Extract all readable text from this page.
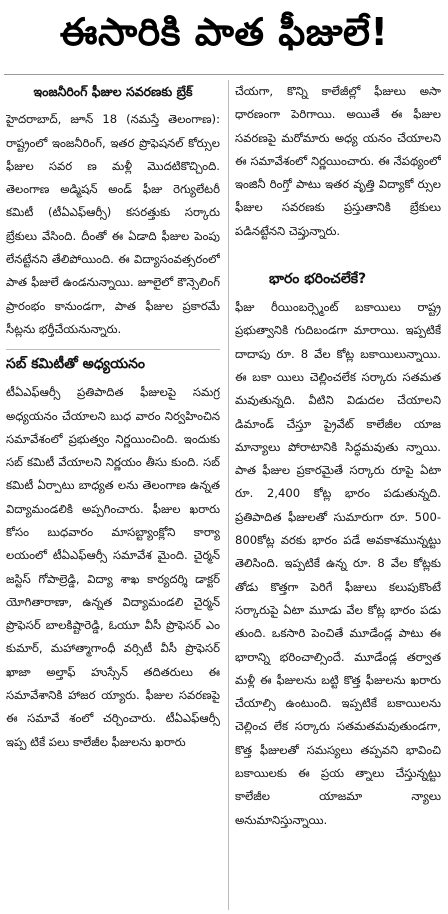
ఈసారికి పాత ఫీజులే!
ఇంజనీరింగ్ ఫీజుల సవరణకు బ్రేక్

హైదరాబాద్, జూన్ 18 (నమస్తే తెలంగాణ): రాష్ట్రంలో ఇంజనీరింగ్, ఇతర ప్రొఫెషనల్ కోర్సుల ఫీజుల సవర ణ మళ్లీ మొదటికొచ్చింది. తెలంగాణ అడ్మిషన్ అండ్ ఫీజు రెగ్యులేటరీ కమిటీ (టీఏఎఫ్ఆర్సీ) కసరత్తుకు సర్కారు బ్రేకులు వేసింది. దీంతో ఈ ఏడాది ఫీజుల పెంపు లేనట్టేనని తేలిపోయింది. ఈ విద్యాసంవత్సరంలో పాత ఫీజులే ఉండనున్నాయి. జూలైలో కౌన్సెలింగ్ ప్రారంభం కానుండగా, పాత ఫీజుల ప్రకారమే సీట్లను భర్తీచేయనున్నారు.

సబ్ కమిటీతో అధ్యయనం

టీఏఎఫ్ఆర్సీ ప్రతిపాదిత ఫీజులపై సమగ్ర అధ్యయనం చేయాలని బుధ వారం నిర్వహించిన సమావేశంలో ప్రభుత్వం నిర్ణయించింది. ఇందుకు సబ్ కమిటీ వేయాలని నిర్ణయం తీసు కుంది. సబ్ కమిటీ ఏర్పాటు బాధ్యత లను తెలంగాణ ఉన్నత విద్యామండలికి అప్పగించారు. ఫీజుల ఖరారు కోసం బుధవారం మాసబ్ట్యాంక్లోని కార్యా లయంలో టీఏఎఫ్ఆర్సీ సమావేశ మైంది. చైర్మన్ జస్టిస్ గోపాల్రెడ్డి, విద్యా శాఖ కార్యదర్శి డాక్టర్ యోగితారాణా, ఉన్నత విద్యామండలి చైర్మన్ ప్రొఫెసర్ బాలకిష్టారెడ్డి, ఓయూ వీసీ ప్రొఫెసర్ ఎం కుమార్, మహాత్మాగాంధీ వర్సిటీ వీసీ ప్రొఫెసర్ ఖాజా అల్తాఫ్ హుస్సేన్ తదితరులు ఈ సమావేశానికి హాజర య్యారు. ఫీజుల సవరణపై ఈ సమావే శంలో చర్చించారు. టీఏఎఫ్ఆర్సీ ఇప్ప టికే పలు కాలేజీల ఫీజులను ఖరారు

చేయగా, కొన్ని కాలేజీల్లో ఫీజులు అసా ధారణంగా పెరిగాయి. అయితే ఈ ఫీజుల సవరణపై మరోమారు అధ్య యనం చేయాలని ఈ సమావేశంలో నిర్ణయించారు. ఈ నేపథ్యంలో ఇంజినీ రింగ్తో పాటు ఇతర వృత్తి విద్యాకో ర్సుల ఫీజుల సవరణకు ప్రస్తుతానికి బ్రేకులు పడినట్టేనని చెప్తున్నారు.

భారం భరించలేకే?

ఫీజు రీయింబర్స్మెంట్ బకాయిలు రాష్ట్ర ప్రభుత్వానికి గుదిబండగా మారాయి. ఇప్పటికే దాదాపు రూ. 8 వేల కోట్ల బకాయిలున్నాయి. ఈ బకా యిలు చెల్లించలేక సర్కారు సతమత మవుతున్నది. వీటిని విడుదల చేయాలని డిమాండ్ చేస్తూ ప్రైవేట్ కాలేజీల యాజ మాన్యాలు పోరాటానికి సిద్ధమవుతు న్నాయి. పాత ఫీజుల ప్రకారమైతే సర్కారు రూపై ఏటా రూ. 2,400 కోట్ల భారం పడుతున్నది. ప్రతిపాదిత ఫీజులతో సుమారుగా రూ. 500-800కోట్ల వరకు భారం పడే అవకాశమున్నట్టు తెలిసింది. ఇప్పటికే ఉన్న రూ. 8 వేల కోట్లకు తోడు కొత్తగా పెరిగే ఫీజులు కలుపుకొంటే సర్కారుపై ఏటా మూడు వేల కోట్ల భారం పడు తుంది. ఒకసారి పెంచితే మూడేండ్ల పాటు ఈ భారాన్ని భరించాల్సిందే. మూడేండ్ల తర్వాత మళ్లీ ఈ ఫీజులను బట్టి కొత్త ఫీజులను ఖరారు చేయాల్సి ఉంటుంది. ఇప్పటికే బకాయిలను చెల్లించ లేక సర్కారు సతమతమవుతుండగా, కొత్త ఫీజులతో సమస్యలు తప్పవని భావించి బకాయిలకు ఈ ప్రయ త్నాలు చేస్తున్నట్టు కాలేజీల యాజమా న్యాలు అనుమానిస్తున్నాయి.
